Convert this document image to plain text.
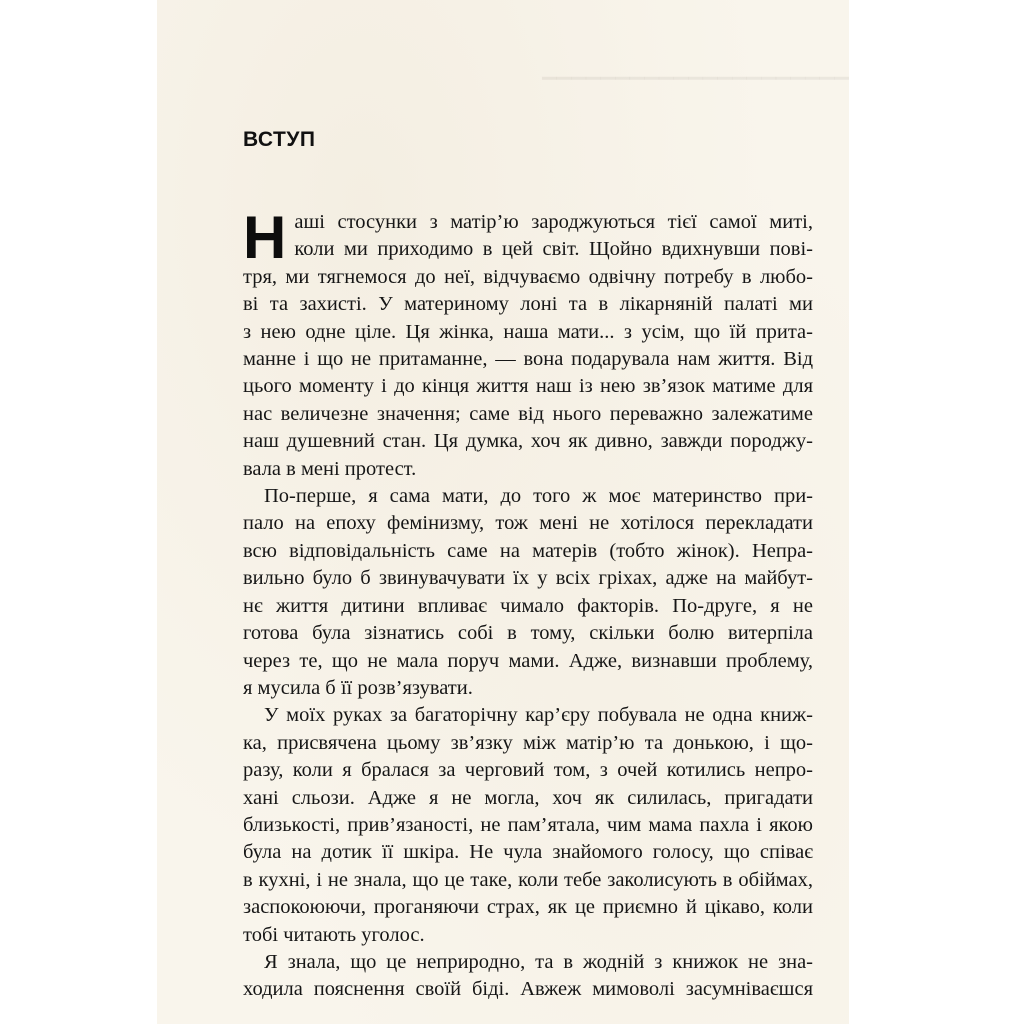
▁▁▁▁▁▁▁▁▁▁▁▁▁▁▁▁▁▁▁▁▁
ВСТУП

Н аші стосунки з матір’ю зароджуються тієї самої миті,
коли ми приходимо в цей світ. Щойно вдихнувши пові-
тря, ми тягнемося до неї, відчуваємо одвічну потребу в любо-
ві та захисті. У материному лоні та в лікарняній палаті ми
з нею одне ціле. Ця жінка, наша мати... з усім, що їй прита-
манне і що не притаманне, — вона подарувала нам життя. Від
цього моменту і до кінця життя наш із нею зв’язок матиме для
нас величезне значення; саме від нього переважно залежатиме
наш душевний стан. Ця думка, хоч як дивно, завжди породжу-
вала в мені протест.

По-перше, я сама мати, до того ж моє материнство при-
пало на епоху фемінизму, тож мені не хотілося перекладати
всю відповідальність саме на матерів (тобто жінок). Непра-
вильно було б звинувачувати їх у всіх гріхах, адже на майбут-
нє життя дитини впливає чимало факторів. По-друге, я не
готова була зізнатись собі в тому, скільки болю витерпіла
через те, що не мала поруч мами. Адже, визнавши проблему,
я мусила б її розв’язувати.

У моїх руках за багаторічну кар’єру побувала не одна книж-
ка, присвячена цьому зв’язку між матір’ю та донькою, і що-
разу, коли я бралася за черговий том, з очей котились непро-
хані сльози. Адже я не могла, хоч як силилась, пригадати
близькості, прив’язаності, не пам’ятала, чим мама пахла і якою
була на дотик її шкіра. Не чула знайомого голосу, що співає
в кухні, і не знала, що це таке, коли тебе заколисують в обіймах,
заспокоюючи, проганяючи страх, як це приємно й цікаво, коли
тобі читають уголос.

Я знала, що це неприродно, та в жодній з книжок не зна-
ходила пояснення своїй біді. Авжеж мимоволі засумніваєшся
